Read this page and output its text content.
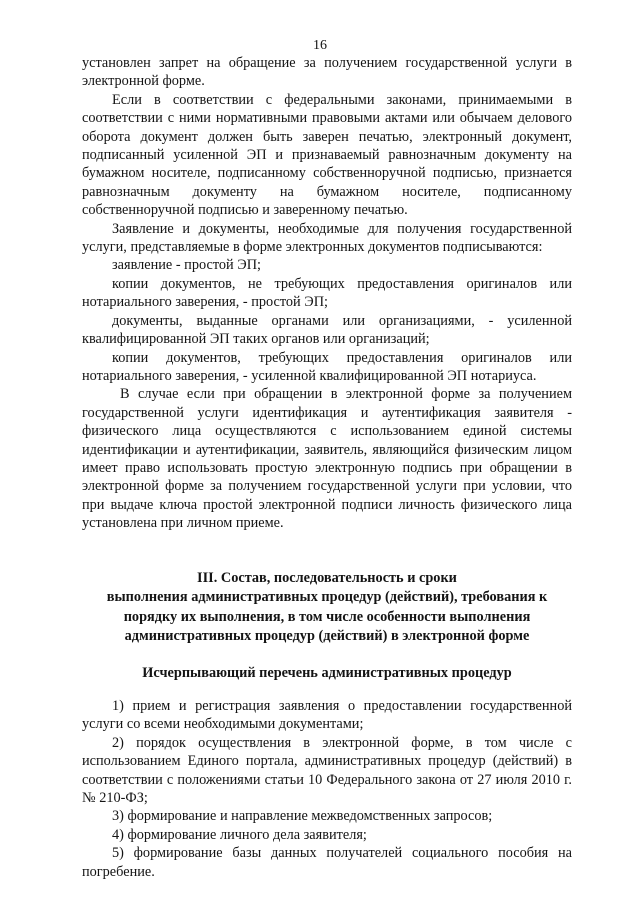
16

установлен запрет на обращение за получением государственной услуги в электронной форме.

Если в соответствии с федеральными законами, принимаемыми в соответствии с ними нормативными правовыми актами или обычаем делового оборота документ должен быть заверен печатью, электронный документ, подписанный усиленной ЭП и признаваемый равнозначным документу на бумажном носителе, подписанному собственноручной подписью, признается равнозначным документу на бумажном носителе, подписанному собственноручной подписью и заверенному печатью.

Заявление и документы, необходимые для получения государственной услуги, представляемые в форме электронных документов подписываются:

заявление - простой ЭП;

копии документов, не требующих предоставления оригиналов или нотариального заверения, - простой ЭП;

документы, выданные органами или организациями, - усиленной квалифицированной ЭП таких органов или организаций;

копии документов, требующих предоставления оригиналов или нотариального заверения, - усиленной квалифицированной ЭП нотариуса.

В случае если при обращении в электронной форме за получением государственной услуги идентификация и аутентификация заявителя - физического лица осуществляются с использованием единой системы идентификации и аутентификации, заявитель, являющийся физическим лицом имеет право использовать простую электронную подпись при обращении в электронной форме за получением государственной услуги при условии, что при выдаче ключа простой электронной подписи личность физического лица установлена при личном приеме.

III. Состав, последовательность и сроки
выполнения административных процедур (действий), требования к
порядку их выполнения, в том числе особенности выполнения
административных процедур (действий) в электронной форме
Исчерпывающий перечень административных процедур

1) прием и регистрация заявления о предоставлении государственной услуги со всеми необходимыми документами;

2) порядок осуществления в электронной форме, в том числе с использованием Единого портала, административных процедур (действий) в соответствии с положениями статьи 10 Федерального закона от 27 июля 2010 г. № 210-ФЗ;

3) формирование и направление межведомственных запросов;

4) формирование личного дела заявителя;

5) формирование базы данных получателей социального пособия на погребение.
